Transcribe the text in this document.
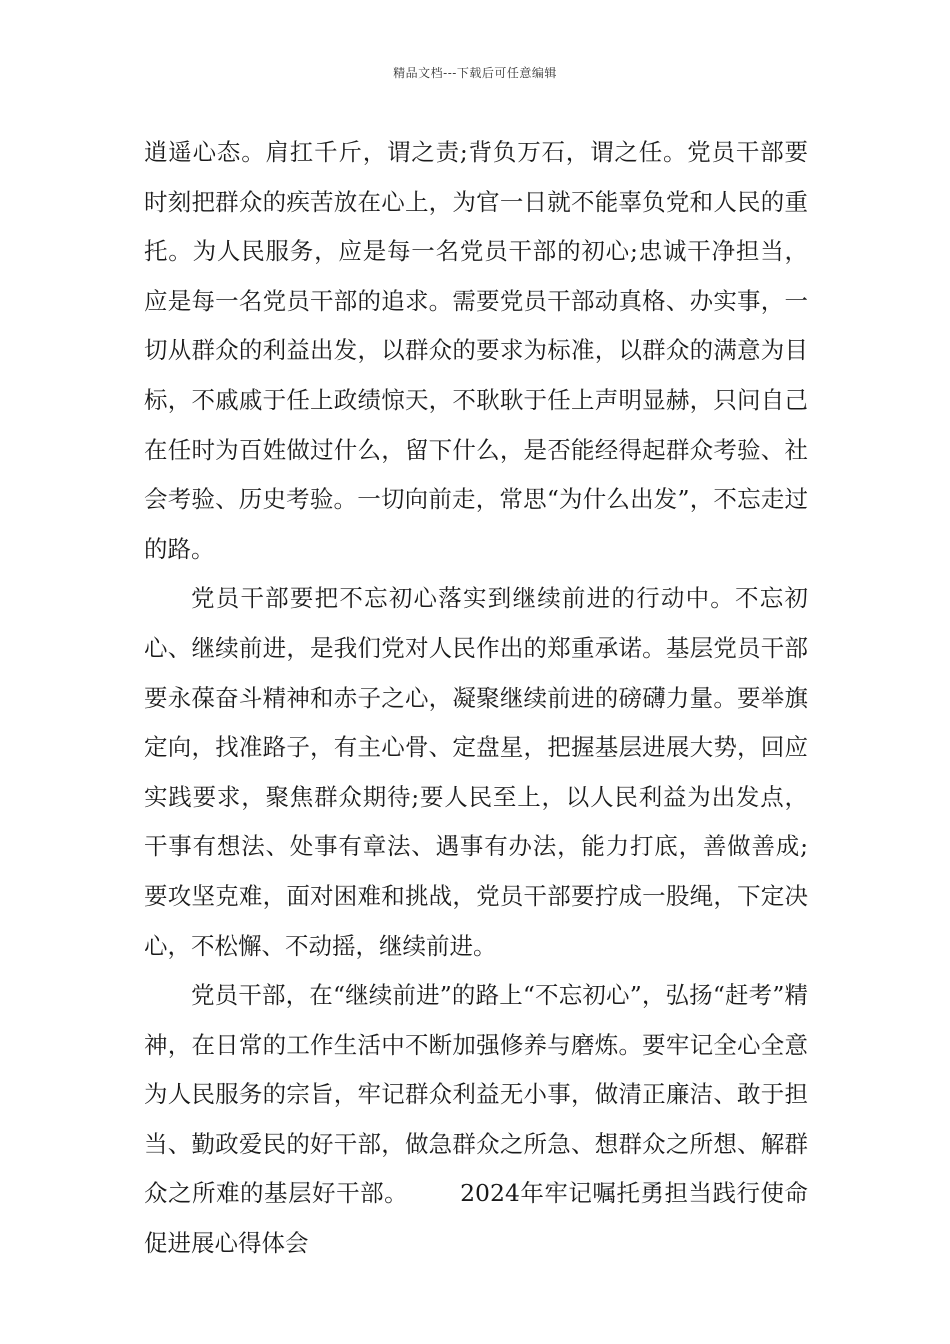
精品文档---下载后可任意编辑

逍遥心态。肩扛千斤，谓之责;背负万石，谓之任。党员干部要时刻把群众的疾苦放在心上，为官一日就不能辜负党和人民的重托。为人民服务，应是每一名党员干部的初心;忠诚干净担当，应是每一名党员干部的追求。需要党员干部动真格、办实事，一切从群众的利益出发，以群众的要求为标准，以群众的满意为目标，不戚戚于任上政绩惊天，不耿耿于任上声明显赫，只问自己在任时为百姓做过什么，留下什么，是否能经得起群众考验、社会考验、历史考验。一切向前走，常思“为什么出发”，不忘走过的路。

党员干部要把不忘初心落实到继续前进的行动中。不忘初心、继续前进，是我们党对人民作出的郑重承诺。基层党员干部要永葆奋斗精神和赤子之心，凝聚继续前进的磅礴力量。要举旗定向，找准路子，有主心骨、定盘星，把握基层进展大势，回应实践要求，聚焦群众期待;要人民至上，以人民利益为出发点，干事有想法、处事有章法、遇事有办法，能力打底，善做善成;要攻坚克难，面对困难和挑战，党员干部要拧成一股绳，下定决心，不松懈、不动摇，继续前进。

党员干部，在“继续前进”的路上“不忘初心”，弘扬“赶考”精神，在日常的工作生活中不断加强修养与磨炼。要牢记全心全意为人民服务的宗旨，牢记群众利益无小事，做清正廉洁、敢于担当、勤政爱民的好干部，做急群众之所急、想群众之所想、解群众之所难的基层好干部。 2024年牢记嘱托勇担当践行使命促进展心得体会
